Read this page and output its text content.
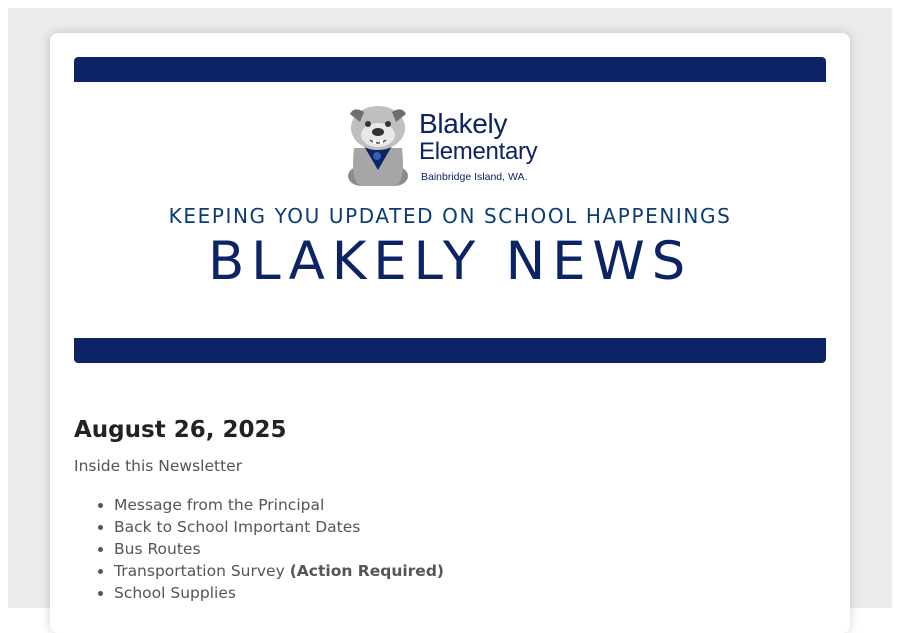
Blakely
Elementary
Bainbridge Island, WA.
KEEPING YOU UPDATED ON SCHOOL HAPPENINGS
BLAKELY NEWS
August 26, 2025
Inside this Newsletter
• Message from the Principal
• Back to School Important Dates
• Bus Routes
• Transportation Survey (Action Required)
• School Supplies
